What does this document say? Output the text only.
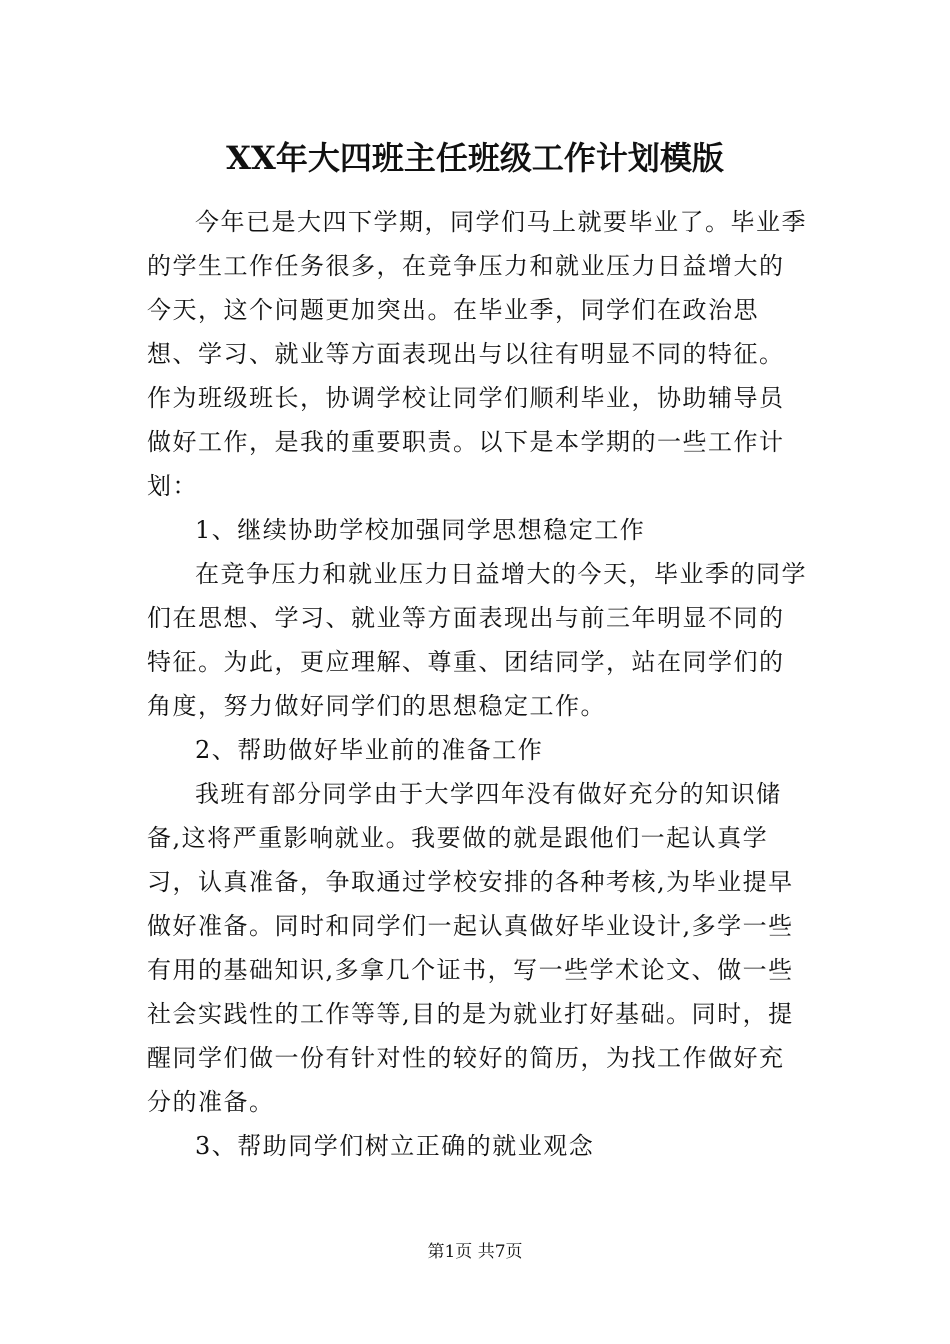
XX年大四班主任班级工作计划模版

今年已是大四下学期，同学们马上就要毕业了。毕业季的学生工作任务很多，在竞争压力和就业压力日益增大的今天，这个问题更加突出。在毕业季，同学们在政治思想、学习、就业等方面表现出与以往有明显不同的特征。作为班级班长，协调学校让同学们顺利毕业，协助辅导员做好工作，是我的重要职责。以下是本学期的一些工作计划：

1、继续协助学校加强同学思想稳定工作

在竞争压力和就业压力日益增大的今天，毕业季的同学们在思想、学习、就业等方面表现出与前三年明显不同的特征。为此，更应理解、尊重、团结同学，站在同学们的角度，努力做好同学们的思想稳定工作。

2、帮助做好毕业前的准备工作

我班有部分同学由于大学四年没有做好充分的知识储备,这将严重影响就业。我要做的就是跟他们一起认真学习，认真准备，争取通过学校安排的各种考核,为毕业提早做好准备。同时和同学们一起认真做好毕业设计,多学一些有用的基础知识,多拿几个证书，写一些学术论文、做一些社会实践性的工作等等,目的是为就业打好基础。同时，提醒同学们做一份有针对性的较好的简历，为找工作做好充分的准备。

3、帮助同学们树立正确的就业观念

第1页 共7页
